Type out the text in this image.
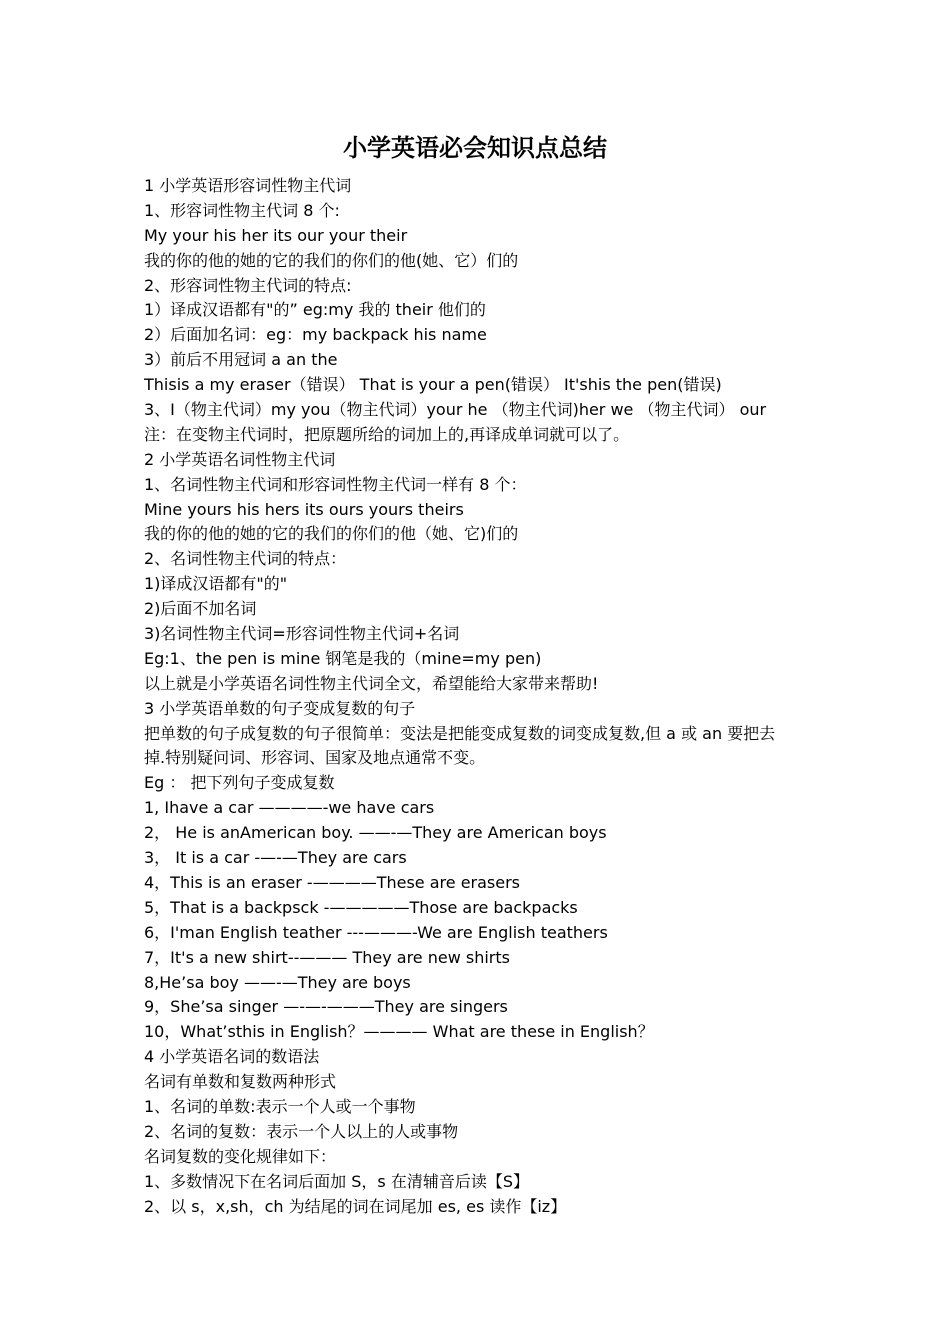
小学英语必会知识点总结
1 小学英语形容词性物主代词
1、形容词性物主代词 8 个:
My your his her its our your their
我的你的他的她的它的我们的你们的他(她、它）们的
2、形容词性物主代词的特点:
1）译成汉语都有"的” eg:my 我的 their 他们的
2）后面加名词：eg：my backpack his name
3）前后不用冠词 a an the
Thisis a my eraser（错误） That is your a pen(错误） It'shis the pen(错误)
3、I（物主代词）my you（物主代词）your he （物主代词)her we （物主代词） our
注：在变物主代词时，把原题所给的词加上的,再译成单词就可以了。
2 小学英语名词性物主代词
1、名词性物主代词和形容词性物主代词一样有 8 个：
Mine yours his hers its ours yours theirs
我的你的他的她的它的我们的你们的他（她、它)们的
2、名词性物主代词的特点：
1)译成汉语都有"的"
2)后面不加名词
3)名词性物主代词=形容词性物主代词+名词
Eg:1、the pen is mine 钢笔是我的（mine=my pen)
以上就是小学英语名词性物主代词全文，希望能给大家带来帮助!
3 小学英语单数的句子变成复数的句子
把单数的句子成复数的句子很简单：变法是把能变成复数的词变成复数,但 a 或 an 要把去
掉.特别疑问词、形容词、国家及地点通常不变。
Eg ： 把下列句子变成复数
1, Ihave a car ————-we have cars
2， He is anAmerican boy. ——-—They are American boys
3， It is a car -—-—They are cars
4，This is an eraser -————These are erasers
5，That is a backpsck -—————Those are backpacks
6，I'man English teather ---———-We are English teathers
7，It's a new shirt--——— They are new shirts
8,He’sa boy ——-—They are boys
9，She’sa singer —-—-———They are singers
10，What’sthis in English？———— What are these in English？
4 小学英语名词的数语法
名词有单数和复数两种形式
1、名词的单数:表示一个人或一个事物
2、名词的复数：表示一个人以上的人或事物
名词复数的变化规律如下：
1、多数情况下在名词后面加 S，s 在清辅音后读【S】
2、以 s，x,sh，ch 为结尾的词在词尾加 es, es 读作【iz】
